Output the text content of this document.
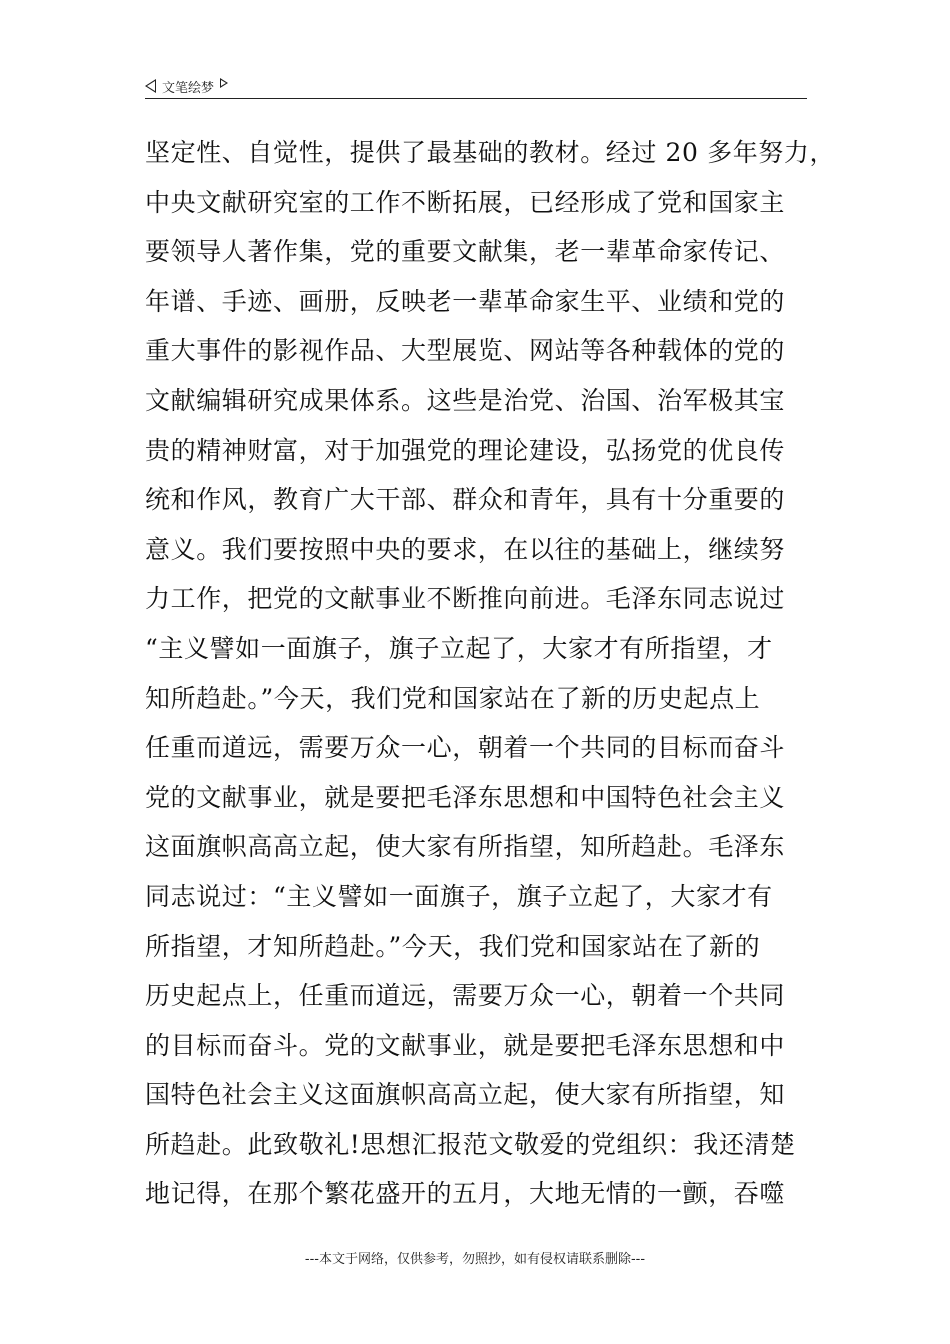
文笔绘梦
坚定性、自觉性，提供了最基础的教材。经过 20 多年努力，
中央文献研究室的工作不断拓展，已经形成了党和国家主
要领导人著作集，党的重要文献集，老一辈革命家传记、
年谱、手迹、画册，反映老一辈革命家生平、业绩和党的
重大事件的影视作品、大型展览、网站等各种载体的党的
文献编辑研究成果体系。这些是治党、治国、治军极其宝
贵的精神财富，对于加强党的理论建设，弘扬党的优良传
统和作风，教育广大干部、群众和青年，具有十分重要的
意义。我们要按照中央的要求，在以往的基础上，继续努
力工作，把党的文献事业不断推向前进。毛泽东同志说过
“主义譬如一面旗子，旗子立起了，大家才有所指望，才
知所趋赴。”今天，我们党和国家站在了新的历史起点上
任重而道远，需要万众一心，朝着一个共同的目标而奋斗
党的文献事业，就是要把毛泽东思想和中国特色社会主义
这面旗帜高高立起，使大家有所指望，知所趋赴。毛泽东
同志说过：“主义譬如一面旗子，旗子立起了，大家才有
所指望，才知所趋赴。”今天，我们党和国家站在了新的
历史起点上，任重而道远，需要万众一心，朝着一个共同
的目标而奋斗。党的文献事业，就是要把毛泽东思想和中
国特色社会主义这面旗帜高高立起，使大家有所指望，知
所趋赴。此致敬礼!思想汇报范文敬爱的党组织：我还清楚
地记得，在那个繁花盛开的五月，大地无情的一颤，吞噬
---本文于网络，仅供参考，勿照抄，如有侵权请联系删除---
